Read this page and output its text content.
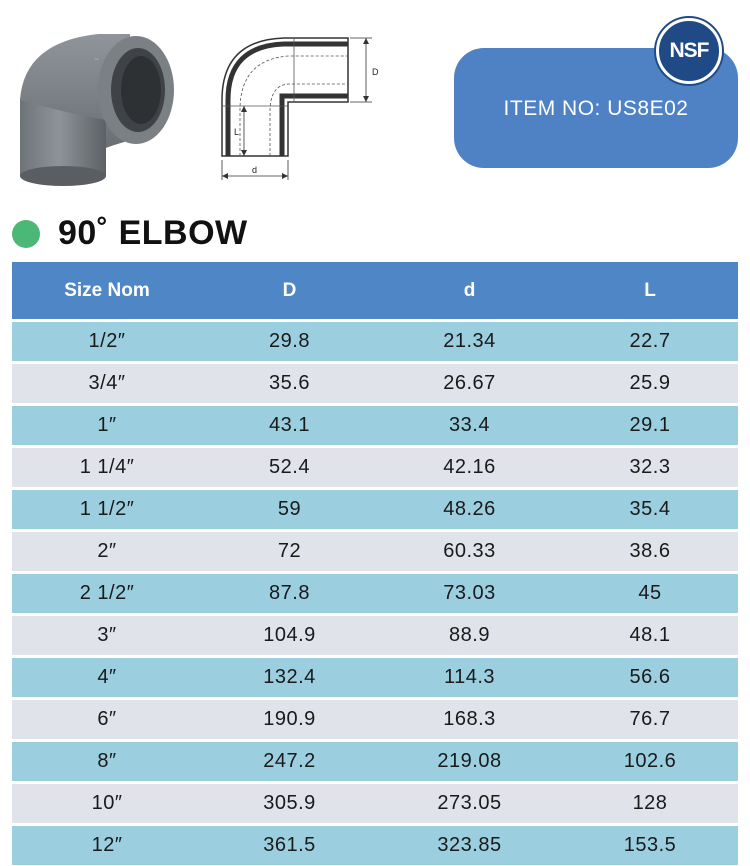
~
D
L
d
NSF
ITEM NO: US8E02
90˚ ELBOW
Size Nom	D	d	L
1/2″	29.8	21.34	22.7
3/4″	35.6	26.67	25.9
1″	43.1	33.4	29.1
1 1/4″	52.4	42.16	32.3
1 1/2″	59	48.26	35.4
2″	72	60.33	38.6
2 1/2″	87.8	73.03	45
3″	104.9	88.9	48.1
4″	132.4	114.3	56.6
6″	190.9	168.3	76.7
8″	247.2	219.08	102.6
10″	305.9	273.05	128
12″	361.5	323.85	153.5
